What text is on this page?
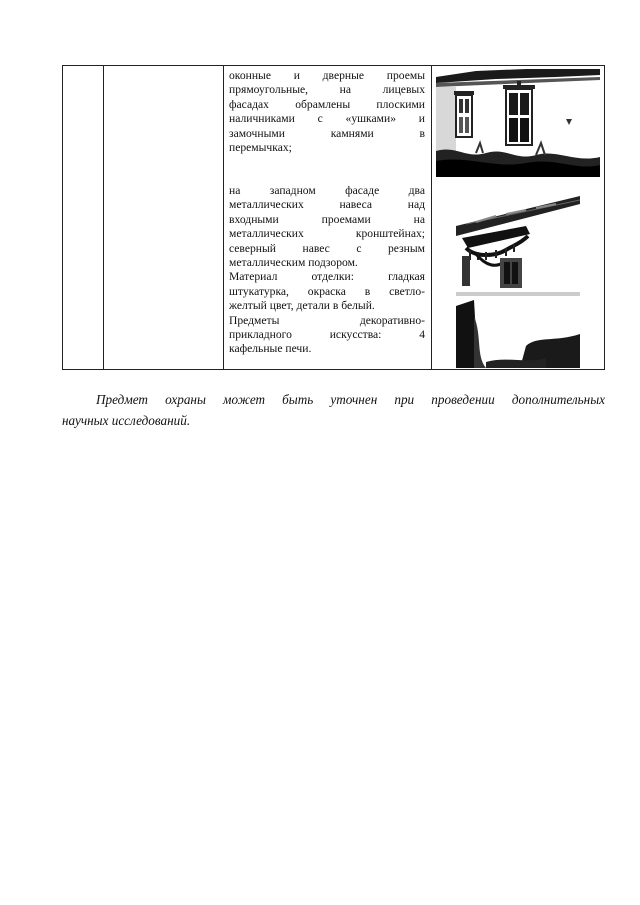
оконные и дверные проемы
прямоугольные, на лицевых
фасадах обрамлены плоскими
наличниками с «ушками» и
замочными камнями в
перемычках;

на западном фасаде два
металлических навеса над
входными проемами на
металлических кронштейнах;
северный навес с резным
металлическим подзором.
Материал отделки: гладкая
штукатурка, окраска в светло-
желтый цвет, детали в белый.
Предметы декоративно-
прикладного искусства: 4
кафельные печи.

Предмет охраны может быть уточнен при проведении дополнительных
научных исследований.
